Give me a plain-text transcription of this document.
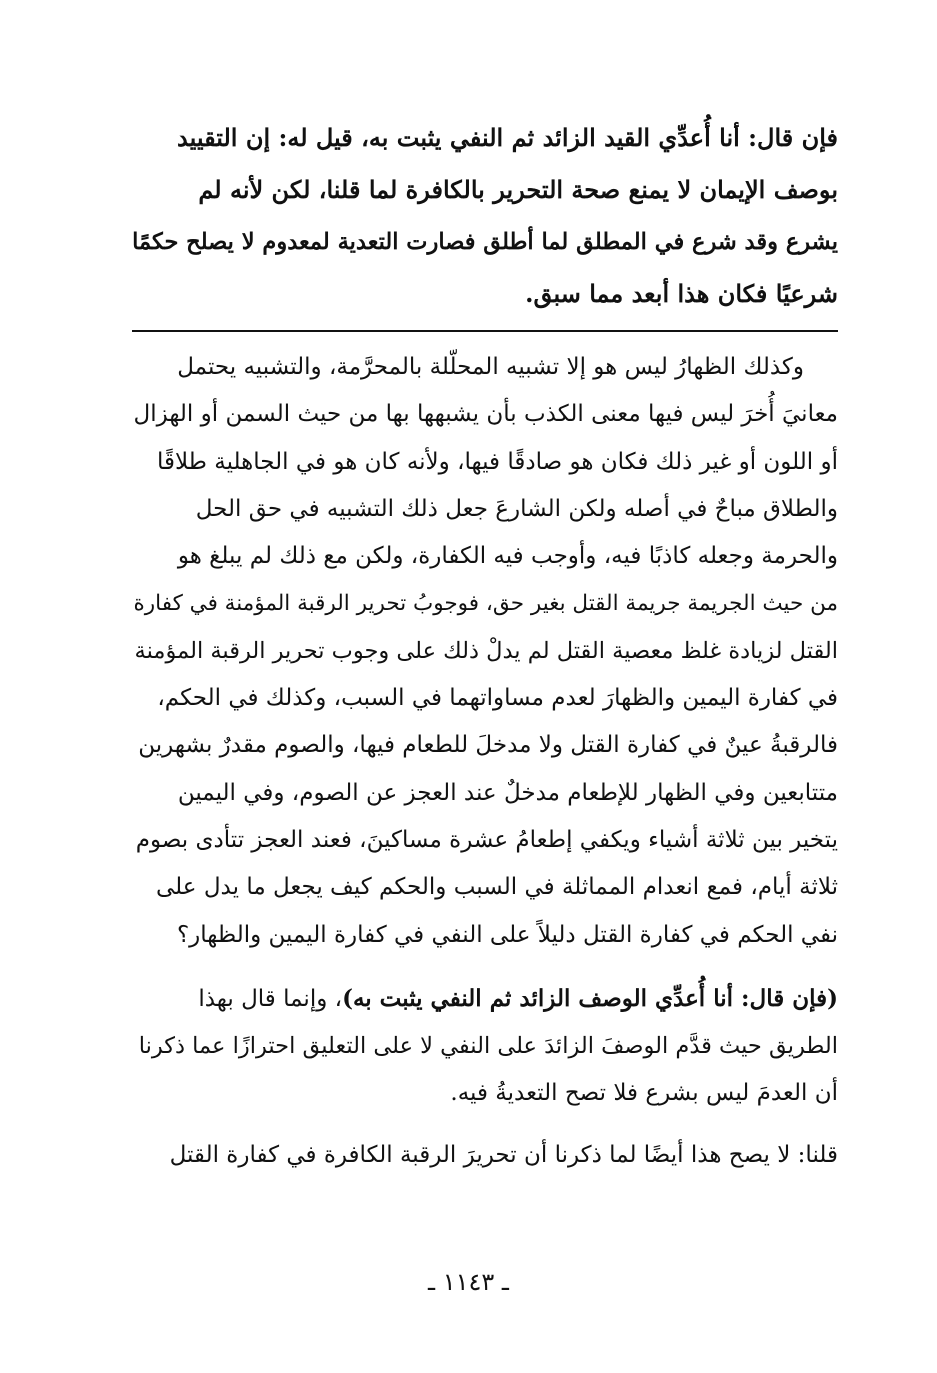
فإن قال: أنا أُعدِّي القيد الزائد ثم النفي يثبت به، قيل له: إن التقييد

بوصف الإيمان لا يمنع صحة التحرير بالكافرة لما قلنا، لكن لأنه لم

يشرع وقد شرع في المطلق لما أطلق فصارت التعدية لمعدوم لا يصلح حكمًا

شرعيًا فكان هذا أبعد مما سبق.

وكذلك الظهارُ ليس هو إلا تشبيه المحلّلة بالمحرَّمة، والتشبيه يحتمل

معانيَ أُخرَ ليس فيها معنى الكذب بأن يشبهها بها من حيث السمن أو الهزال

أو اللون أو غير ذلك فكان هو صادقًا فيها، ولأنه كان هو في الجاهلية طلاقًا

والطلاق مباحٌ في أصله ولكن الشارعَ جعل ذلك التشبيه في حق الحل

والحرمة وجعله كاذبًا فيه، وأوجب فيه الكفارة، ولكن مع ذلك لم يبلغ هو

من حيث الجريمة جريمة القتل بغير حق، فوجوبُ تحرير الرقبة المؤمنة في كفارة

القتل لزيادة غلظ معصية القتل لم يدلْ ذلك على وجوب تحرير الرقبة المؤمنة

في كفارة اليمين والظهارَ لعدم مساواتهما في السبب، وكذلك في الحكم،

فالرقبةُ عينٌ في كفارة القتل ولا مدخلَ للطعام فيها، والصوم مقدرٌ بشهرين

متتابعين وفي الظهار للإطعام مدخلٌ عند العجز عن الصوم، وفي اليمين

يتخير بين ثلاثة أشياء ويكفي إطعامُ عشرة مساكينَ، فعند العجز تتأدى بصوم

ثلاثة أيام، فمع انعدام المماثلة في السبب والحكم كيف يجعل ما يدل على

نفي الحكم في كفارة القتل دليلاً على النفي في كفارة اليمين والظهار؟

(فإن قال: أنا أُعدِّي الوصف الزائد ثم النفي يثبت به)، وإنما قال بهذا

الطريق حيث قدَّم الوصفَ الزائدَ على النفي لا على التعليق احترازًا عما ذكرنا

أن العدمَ ليس بشرع فلا تصح التعديةُ فيه.

قلنا: لا يصح هذا أيضًا لما ذكرنا أن تحريرَ الرقبة الكافرة في كفارة القتل

ـ ١١٤٣ ـ
